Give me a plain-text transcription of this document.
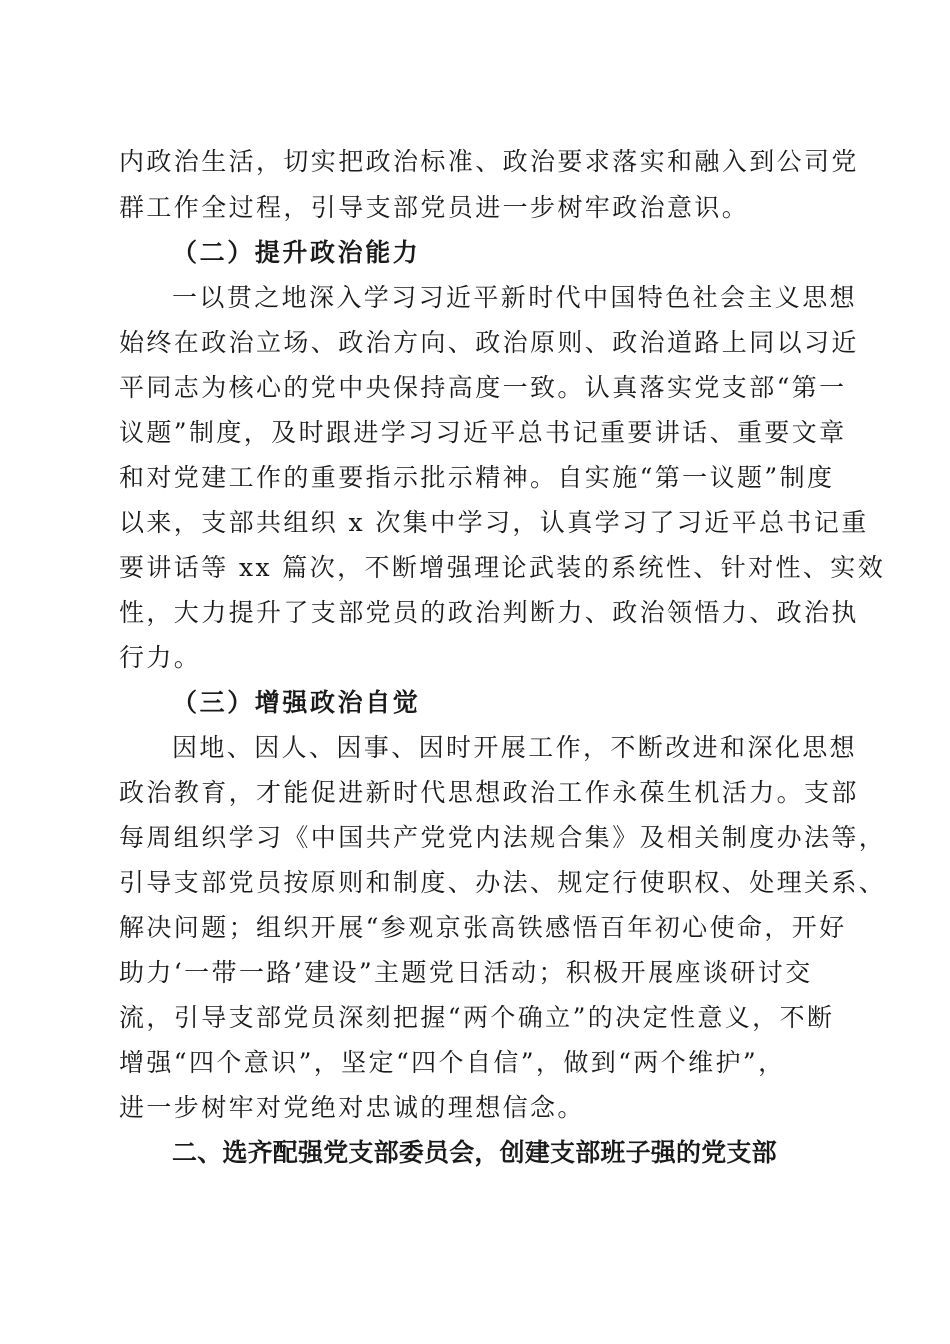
内政治生活，切实把政治标准、政治要求落实和融入到公司党
群工作全过程，引导支部党员进一步树牢政治意识。
（二）提升政治能力
一以贯之地深入学习习近平新时代中国特色社会主义思想
始终在政治立场、政治方向、政治原则、政治道路上同以习近
平同志为核心的党中央保持高度一致。认真落实党支部“第一
议题”制度，及时跟进学习习近平总书记重要讲话、重要文章
和对党建工作的重要指示批示精神。自实施“第一议题”制度
以来，支部共组织 x 次集中学习，认真学习了习近平总书记重
要讲话等 xx 篇次，不断增强理论武装的系统性、针对性、实效
性，大力提升了支部党员的政治判断力、政治领悟力、政治执
行力。
（三）增强政治自觉
因地、因人、因事、因时开展工作，不断改进和深化思想
政治教育，才能促进新时代思想政治工作永葆生机活力。支部
每周组织学习《中国共产党党内法规合集》及相关制度办法等，
引导支部党员按原则和制度、办法、规定行使职权、处理关系、
解决问题；组织开展“参观京张高铁感悟百年初心使命，开好
助力‘一带一路’建设”主题党日活动；积极开展座谈研讨交
流，引导支部党员深刻把握“两个确立”的决定性意义，不断
增强“四个意识”，坚定“四个自信”，做到“两个维护”，
进一步树牢对党绝对忠诚的理想信念。
二、选齐配强党支部委员会，创建支部班子强的党支部
